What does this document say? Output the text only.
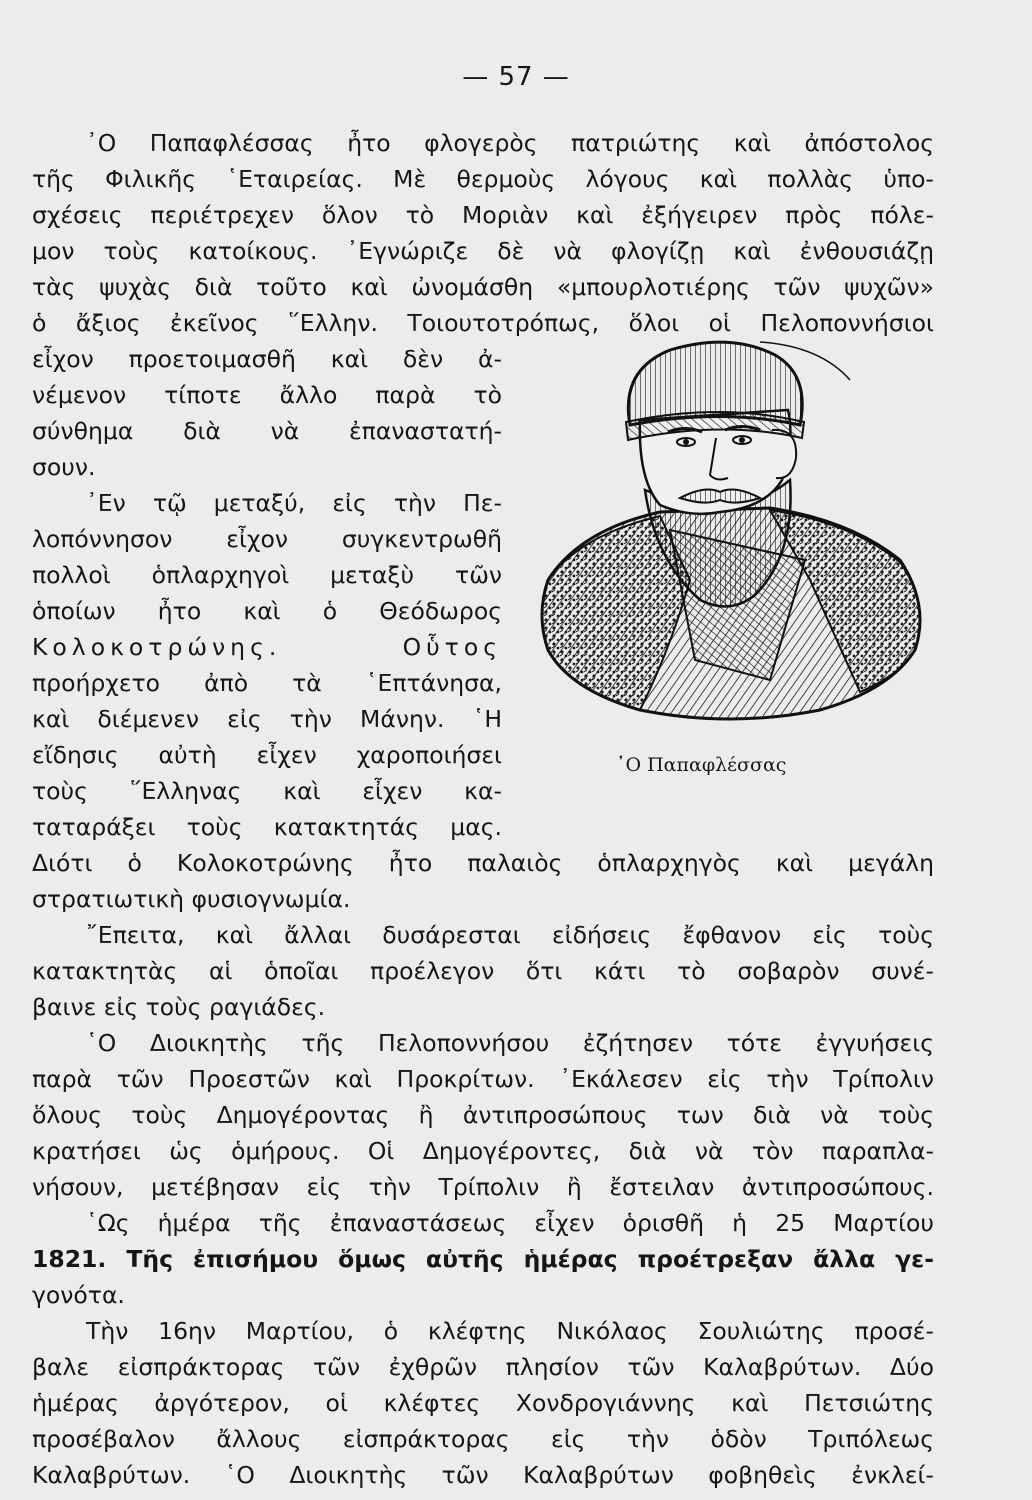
— 57 —
᾽Ο Παπαφλέσσας ἦτο φλογερὸς πατριώτης καὶ ἀπόστολος
τῆς Φιλικῆς ῾Εταιρείας. Μὲ θερμοὺς λόγους καὶ πολλὰς ὑπο-
σχέσεις περιέτρεχεν ὅλον τὸ Μοριὰν καὶ ἐξήγειρεν πρὸς πόλε-
μον τοὺς κατοίκους. ᾽Εγνώριζε δὲ νὰ φλογίζῃ καὶ ἐνθουσιάζῃ
τὰς ψυχὰς διὰ τοῦτο καὶ ὠνομάσθη «μπουρλοτιέρης τῶν ψυχῶν»
ὁ ἄξιος ἐκεῖνος ῞Ελλην. Τοιουτοτρόπως, ὅλοι οἱ Πελοποννήσιοι
εἶχον προετοιμασθῆ καὶ δὲν ἀ-
νέμενον τίποτε ἄλλο παρὰ τὸ
σύνθημα διὰ νὰ ἐπαναστατή-
σουν.
᾽Εν τῷ μεταξύ, εἰς τὴν Πε-
λοπόννησον εἶχον συγκεντρωθῆ
πολλοὶ ὁπλαρχηγοὶ μεταξὺ τῶν
ὁποίων ἦτο καὶ ὁ Θεόδωρος
Κολοκοτρώνης. Οὗτος
προήρχετο ἀπὸ τὰ ῾Επτάνησα,
καὶ διέμενεν εἰς τὴν Μάνην. ῾Η
εἴδησις αὐτὴ εἶχεν χαροποιήσει
τοὺς ῞Ελληνας καὶ εἶχεν κα-
ταταράξει τοὺς κατακτητάς μας.
Διότι ὁ Κολοκοτρώνης ἦτο παλαιὸς ὁπλαρχηγὸς καὶ μεγάλη
στρατιωτικὴ φυσιογνωμία.
῎Επειτα, καὶ ἄλλαι δυσάρεσται εἰδήσεις ἔφθανον εἰς τοὺς
κατακτητὰς αἱ ὁποῖαι προέλεγον ὅτι κάτι τὸ σοβαρὸν συνέ-
βαινε εἰς τοὺς ραγιάδες.
῾Ο Διοικητὴς τῆς Πελοποννήσου ἐζήτησεν τότε ἐγγυήσεις
παρὰ τῶν Προεστῶν καὶ Προκρίτων. ᾽Εκάλεσεν εἰς τὴν Τρίπολιν
ὅλους τοὺς Δημογέροντας ἢ ἀντιπροσώπους των διὰ νὰ τοὺς
κρατήσει ὡς ὁμήρους. Οἱ Δημογέροντες, διὰ νὰ τὸν παραπλα-
νήσουν, μετέβησαν εἰς τὴν Τρίπολιν ἢ ἔστειλαν ἀντιπροσώπους.
῾Ως ἡμέρα τῆς ἐπαναστάσεως εἶχεν ὁρισθῆ ἡ 25 Μαρτίου
1821. Τῆς ἐπισήμου ὅμως αὐτῆς ἡμέρας προέτρεξαν ἄλλα γε-
γονότα.
Τὴν 16ην Μαρτίου, ὁ κλέφτης Νικόλαος Σουλιώτης προσέ-
βαλε εἰσπράκτορας τῶν ἐχθρῶν πλησίον τῶν Καλαβρύτων. Δύο
ἡμέρας ἀργότερον, οἱ κλέφτες Χονδρογιάννης καὶ Πετσιώτης
προσέβαλον ἄλλους εἰσπράκτορας εἰς τὴν ὁδὸν Τριπόλεως
Καλαβρύτων. ῾Ο Διοικητὴς τῶν Καλαβρύτων φοβηθεὶς ἐνκλεί-
᾽Ο Παπαφλέσσας
